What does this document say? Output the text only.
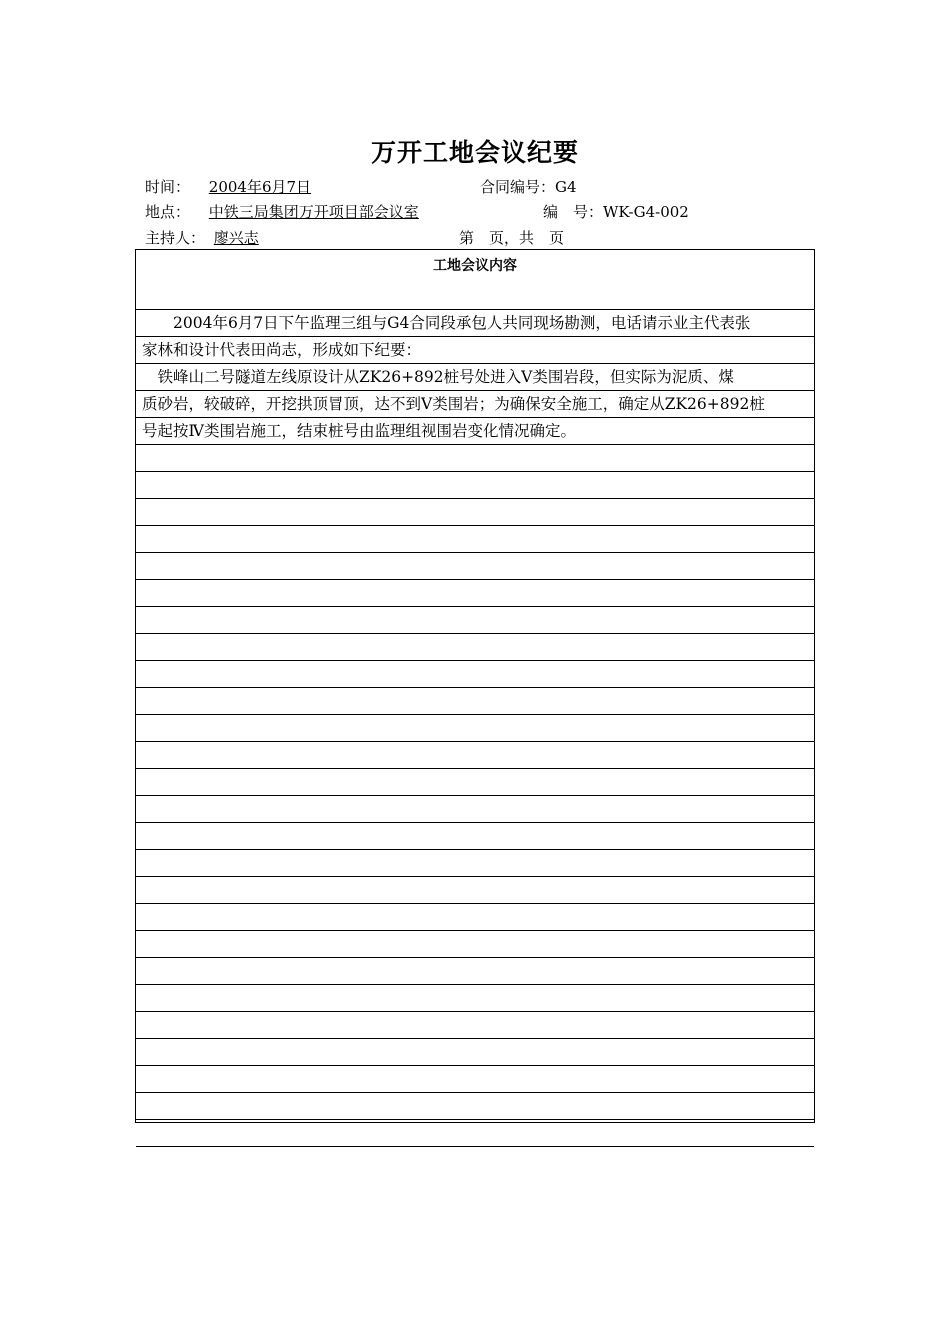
万开工地会议纪要
时间： 2004年6月7日	合同编号：G4
地点： 中铁三局集团万开项目部会议室	编　号：WK-G4-002
主持人： 廖兴志	第　页，共　页
工地会议内容
　　2004年6月7日下午监理三组与G4合同段承包人共同现场勘测，电话请示业主代表张
家林和设计代表田尚志，形成如下纪要：
　铁峰山二号隧道左线原设计从ZK26+892桩号处进入Ⅴ类围岩段，但实际为泥质、煤
质砂岩，较破碎，开挖拱顶冒顶，达不到Ⅴ类围岩；为确保安全施工，确定从ZK26+892桩
号起按Ⅳ类围岩施工，结束桩号由监理组视围岩变化情况确定。
